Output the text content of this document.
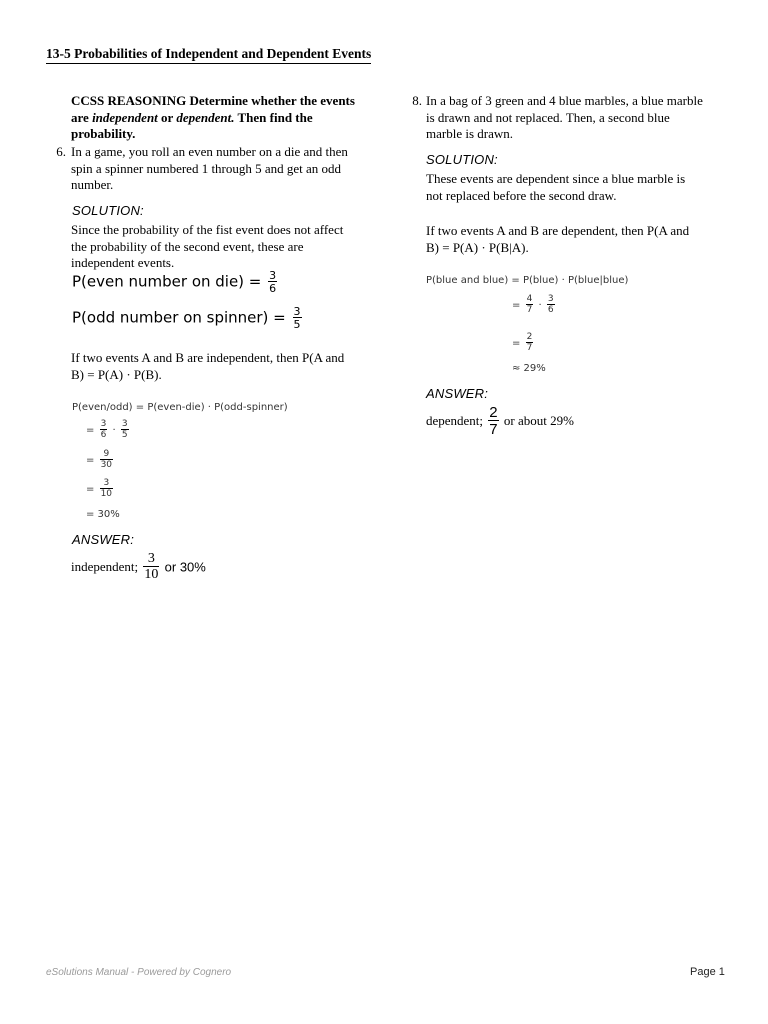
13-5 Probabilities of Independent and Dependent Events
CCSS REASONING Determine whether the events are independent or dependent. Then find the probability.
6. In a game, you roll an even number on a die and then
spin a spinner numbered 1 through 5 and get an odd
number.
SOLUTION:
Since the probability of the fist event does not affect
the probability of the second event, these are
independent events.
P(even number on $die) = \frac{3}{6}$
P(odd number on spinner) = $\frac{3}{5}$
If two events A and B are independent, then P(A and
B) = P(A) · P(B).
P(even/odd) = P(even-die) · P(odd-spinner)
= $\frac{3}{6} \cdot \frac{3}{5}$
= $\frac{9}{30}$
= $\frac{3}{10}$
= 30%
ANSWER:
independent; $\frac{3}{10}$ or 30%
8. In a bag of 3 green and 4 blue marbles, a blue marble
is drawn and not replaced. Then, a second blue
marble is drawn.
SOLUTION:
These events are dependent since a blue marble is
not replaced before the second draw.
If two events A and B are dependent, then P(A and
B) = P(A) · P(B|A).
P(blue and blue) = P(blue) · P(blue|blue)
= $\frac{4}{7} \cdot \frac{3}{6}$
= $\frac{2}{7}$
≈ 29%
ANSWER:
dependent; $\frac{2}{7}$ or about 29%
eSolutions Manual - Powered by Cognero	Page 1
